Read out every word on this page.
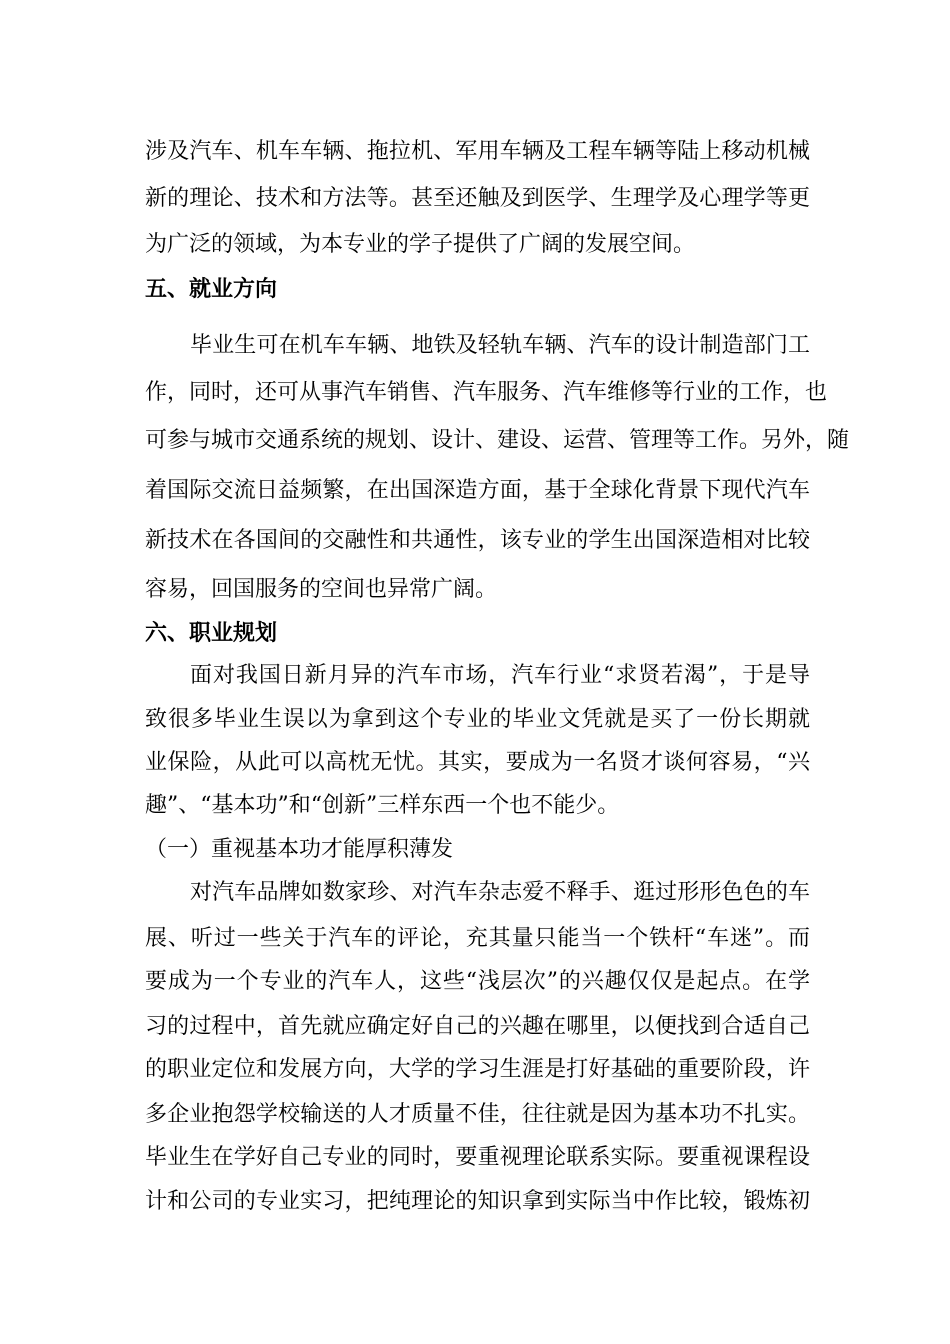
涉及汽车、机车车辆、拖拉机、军用车辆及工程车辆等陆上移动机械
新的理论、技术和方法等。甚至还触及到医学、生理学及心理学等更
为广泛的领域，为本专业的学子提供了广阔的发展空间。
五、就业方向
毕业生可在机车车辆、地铁及轻轨车辆、汽车的设计制造部门工
作，同时，还可从事汽车销售、汽车服务、汽车维修等行业的工作，也
可参与城市交通系统的规划、设计、建设、运营、管理等工作。另外，随
着国际交流日益频繁，在出国深造方面，基于全球化背景下现代汽车
新技术在各国间的交融性和共通性，该专业的学生出国深造相对比较
容易，回国服务的空间也异常广阔。
六、职业规划
面对我国日新月异的汽车市场，汽车行业“求贤若渴”，于是导
致很多毕业生误以为拿到这个专业的毕业文凭就是买了一份长期就
业保险，从此可以高枕无忧。其实，要成为一名贤才谈何容易，“兴
趣”、“基本功”和“创新”三样东西一个也不能少。
（一）重视基本功才能厚积薄发
对汽车品牌如数家珍、对汽车杂志爱不释手、逛过形形色色的车
展、听过一些关于汽车的评论，充其量只能当一个铁杆“车迷”。而
要成为一个专业的汽车人，这些“浅层次”的兴趣仅仅是起点。在学
习的过程中，首先就应确定好自己的兴趣在哪里，以便找到合适自己
的职业定位和发展方向，大学的学习生涯是打好基础的重要阶段，许
多企业抱怨学校输送的人才质量不佳，往往就是因为基本功不扎实。
毕业生在学好自己专业的同时，要重视理论联系实际。要重视课程设
计和公司的专业实习，把纯理论的知识拿到实际当中作比较，锻炼初
